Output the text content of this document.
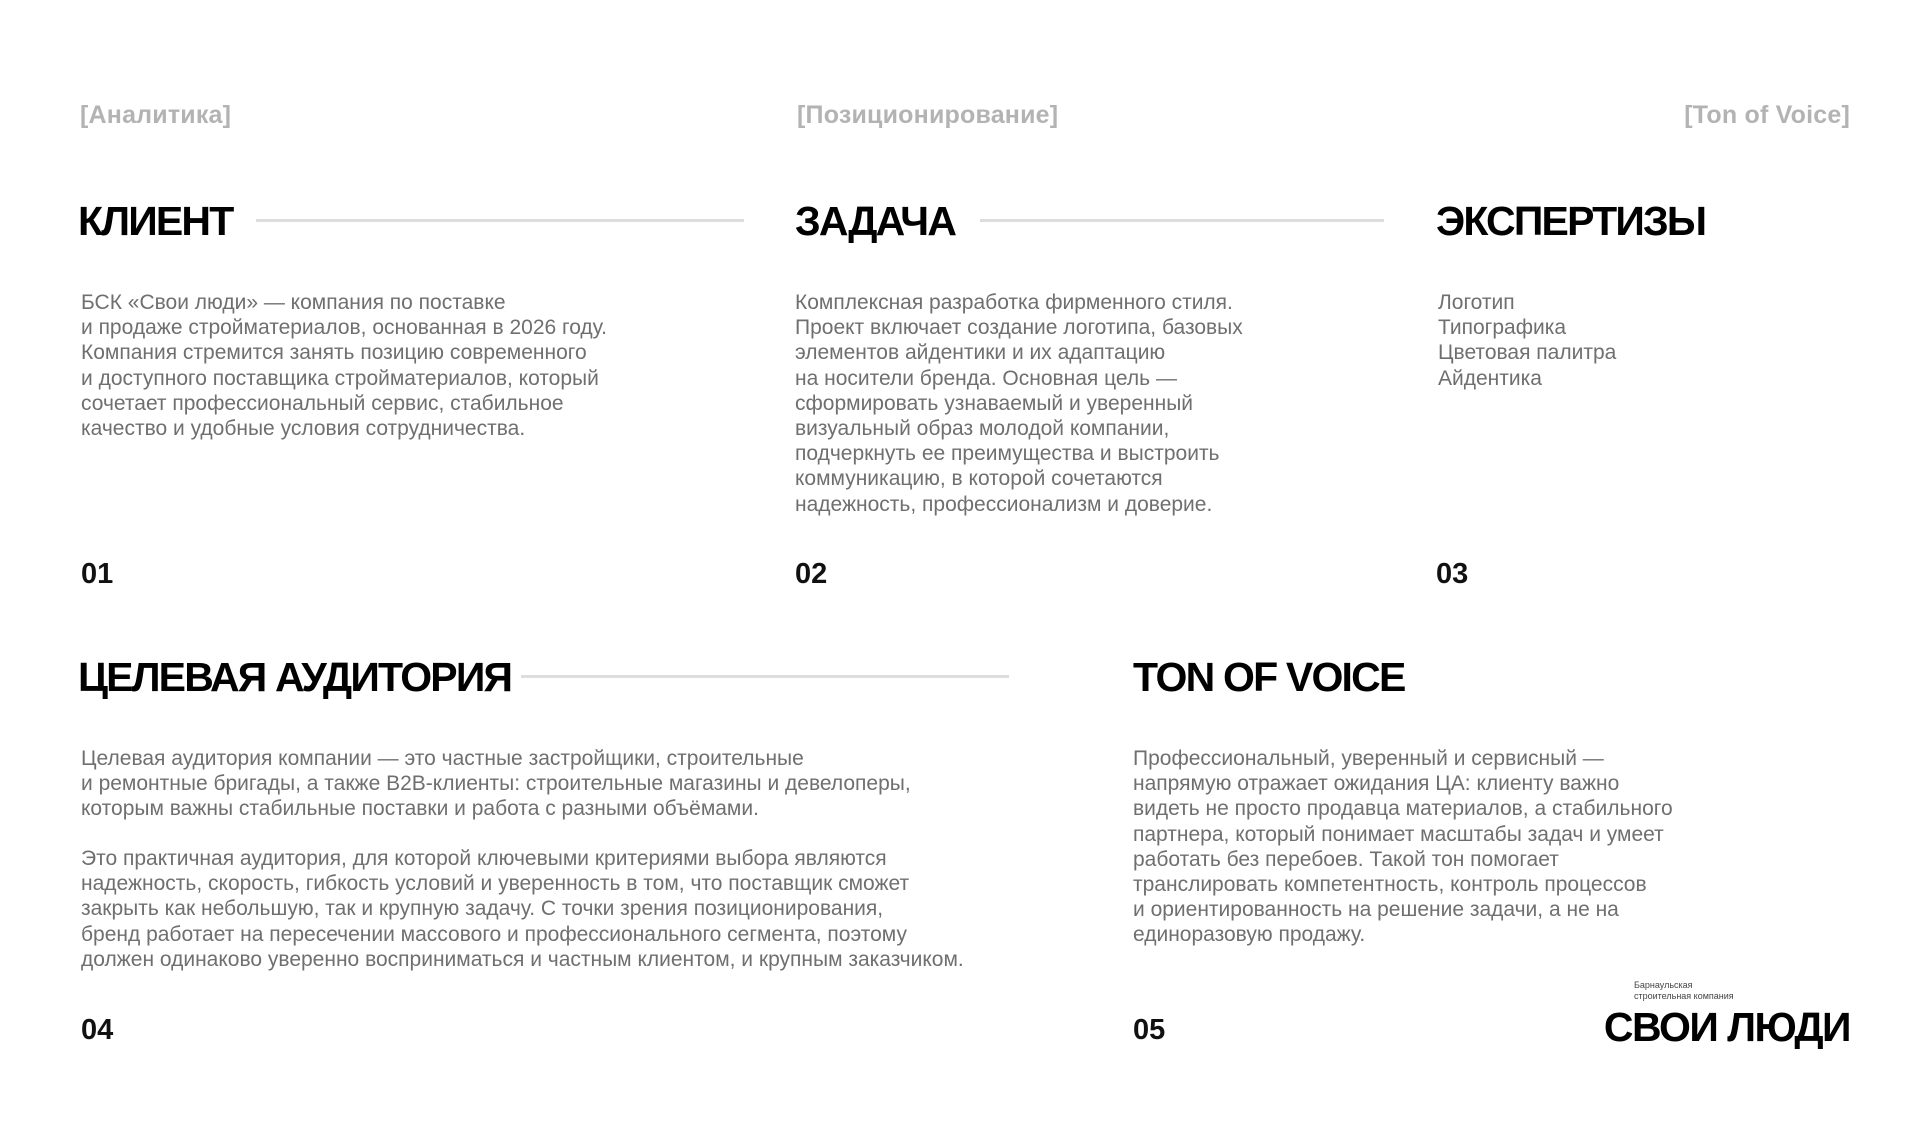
[Аналитика]	[Позиционирование]	[Ton of Voice]
КЛИЕНТ
БСК «Свои люди» — компания по поставке
и продаже стройматериалов, основанная в 2026 году.
Компания стремится занять позицию современного
и доступного поставщика стройматериалов, который
сочетает профессиональный сервис, стабильное
качество и удобные условия сотрудничества.
01
ЗАДАЧА
Комплексная разработка фирменного стиля.
Проект включает создание логотипа, базовых
элементов айдентики и их адаптацию
на носители бренда. Основная цель —
сформировать узнаваемый и уверенный
визуальный образ молодой компании,
подчеркнуть ее преимущества и выстроить
коммуникацию, в которой сочетаются
надежность, профессионализм и доверие.
02
ЭКСПЕРТИЗЫ
Логотип
Типографика
Цветовая палитра
Айдентика
03
ЦЕЛЕВАЯ АУДИТОРИЯ
Целевая аудитория компании — это частные застройщики, строительные
и ремонтные бригады, а также B2B-клиенты: строительные магазины и девелоперы,
которым важны стабильные поставки и работа с разными объёмами.
Это практичная аудитория, для которой ключевыми критериями выбора являются
надежность, скорость, гибкость условий и уверенность в том, что поставщик сможет
закрыть как небольшую, так и крупную задачу. С точки зрения позиционирования,
бренд работает на пересечении массового и профессионального сегмента, поэтому
должен одинаково уверенно восприниматься и частным клиентом, и крупным заказчиком.
04
TON OF VOICE
Профессиональный, уверенный и сервисный —
напрямую отражает ожидания ЦА: клиенту важно
видеть не просто продавца материалов, а стабильного
партнера, который понимает масштабы задач и умеет
работать без перебоев. Такой тон помогает
транслировать компетентность, контроль процессов
и ориентированность на решение задачи, а не на
единоразовую продажу.
05
Барнаульская
строительная компания
СВОИ ЛЮДИ
